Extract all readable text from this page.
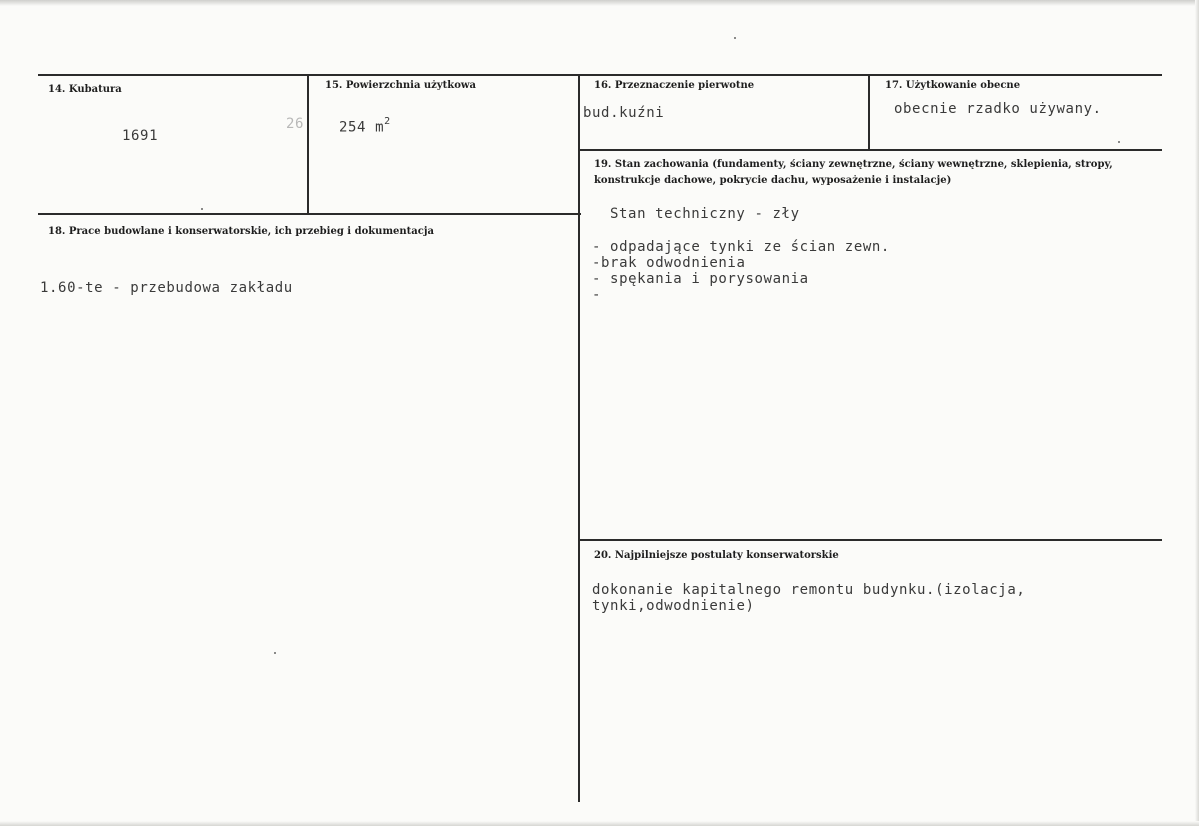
14. Kubatura
1691
26
15. Powierzchnia użytkowa
254 $m^2$
16. Przeznaczenie pierwotne
bud.kuźni
17. Użytkowanie obecne
obecnie rzadko używany.
18. Prace budowlane i konserwatorskie, ich przebieg i dokumentacja
1.60-te - przebudowa zakładu
19. Stan zachowania (fundamenty, ściany zewnętrzne, ściany wewnętrzne, sklepienia, stropy, konstrukcje dachowe, pokrycie dachu, wyposażenie i instalacje)
Stan techniczny - zły
- odpadające tynki ze ścian zewn.
-brak odwodnienia
- spękania i porysowania
-
20. Najpilniejsze postulaty konserwatorskie
dokonanie kapitalnego remontu budynku.(izolacja,
tynki,odwodnienie)
